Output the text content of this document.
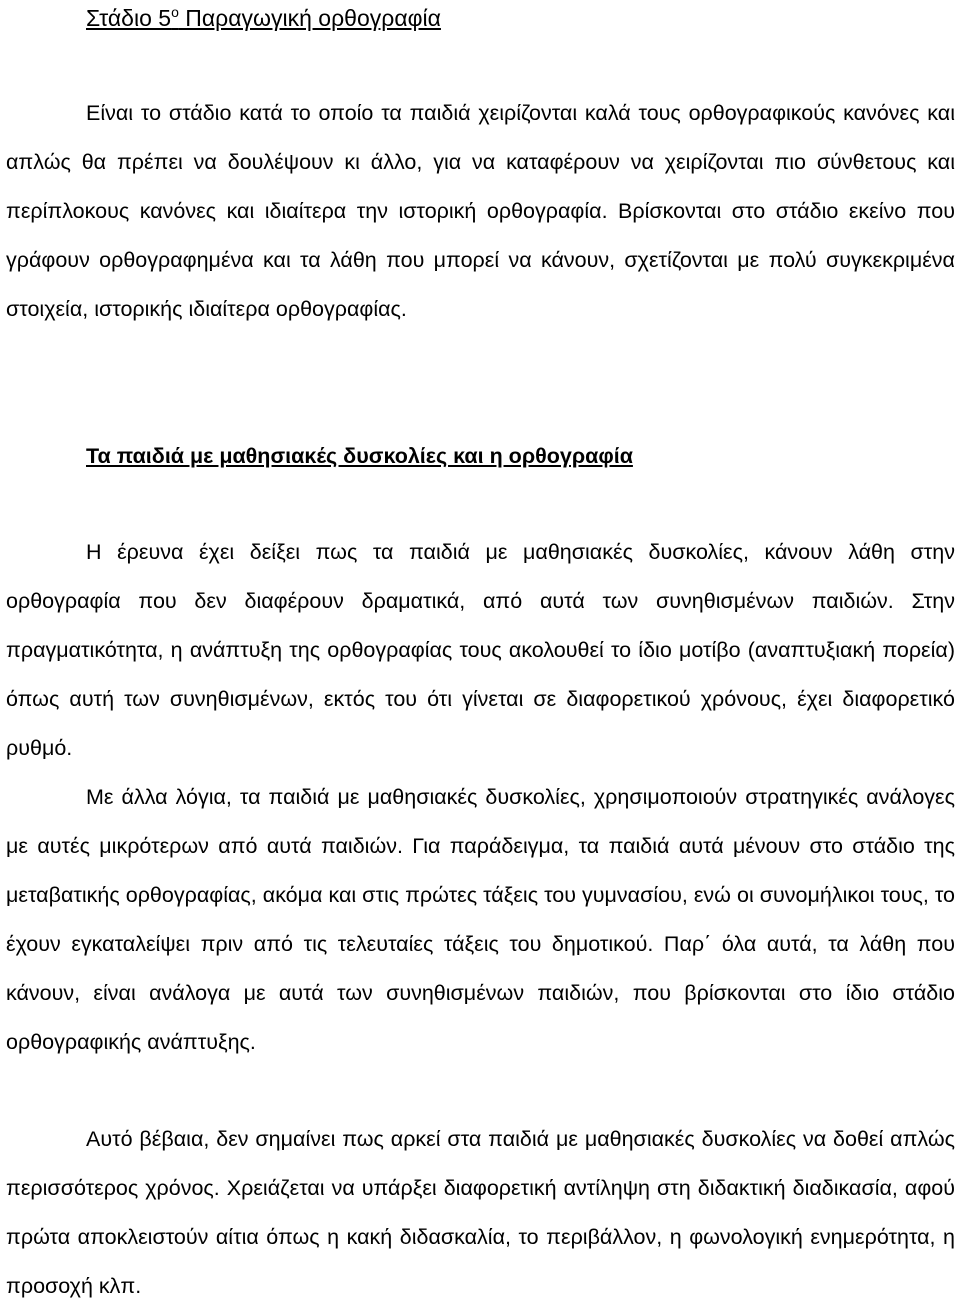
Στάδιο $5^o$ Παραγωγική ορθογραφία

Είναι το στάδιο κατά το οποίο τα παιδιά χειρίζονται καλά τους ορθογραφικούς κανόνες και απλώς θα πρέπει να δουλέψουν κι άλλο, για να καταφέρουν να χειρίζονται πιο σύνθετους και περίπλοκους κανόνες και ιδιαίτερα την ιστορική ορθογραφία. Βρίσκονται στο στάδιο εκείνο που γράφουν ορθογραφημένα και τα λάθη που μπορεί να κάνουν, σχετίζονται με πολύ συγκεκριμένα στοιχεία, ιστορικής ιδιαίτερα ορθογραφίας.

Τα παιδιά με μαθησιακές δυσκολίες και η ορθογραφία

Η έρευνα έχει δείξει πως τα παιδιά με μαθησιακές δυσκολίες, κάνουν λάθη στην ορθογραφία που δεν διαφέρουν δραματικά, από αυτά των συνηθισμένων παιδιών. Στην πραγματικότητα, η ανάπτυξη της ορθογραφίας τους ακολουθεί το ίδιο μοτίβο (αναπτυξιακή πορεία) όπως αυτή των συνηθισμένων, εκτός του ότι γίνεται σε διαφορετικού χρόνους, έχει διαφορετικό ρυθμό.

Με άλλα λόγια, τα παιδιά με μαθησιακές δυσκολίες, χρησιμοποιούν στρατηγικές ανάλογες με αυτές μικρότερων από αυτά παιδιών. Για παράδειγμα, τα παιδιά αυτά μένουν στο στάδιο της μεταβατικής ορθογραφίας, ακόμα και στις πρώτες τάξεις του γυμνασίου, ενώ οι συνομήλικοι τους, το έχουν εγκαταλείψει πριν από τις τελευταίες τάξεις του δημοτικού. Παρ΄ όλα αυτά, τα λάθη που κάνουν, είναι ανάλογα με αυτά των συνηθισμένων παιδιών, που βρίσκονται στο ίδιο στάδιο ορθογραφικής ανάπτυξης.

Αυτό βέβαια, δεν σημαίνει πως αρκεί στα παιδιά με μαθησιακές δυσκολίες να δοθεί απλώς περισσότερος χρόνος. Χρειάζεται να υπάρξει διαφορετική αντίληψη στη διδακτική διαδικασία, αφού πρώτα αποκλειστούν αίτια όπως η κακή διδασκαλία, το περιβάλλον, η φωνολογική ενημερότητα, η προσοχή κλπ.
